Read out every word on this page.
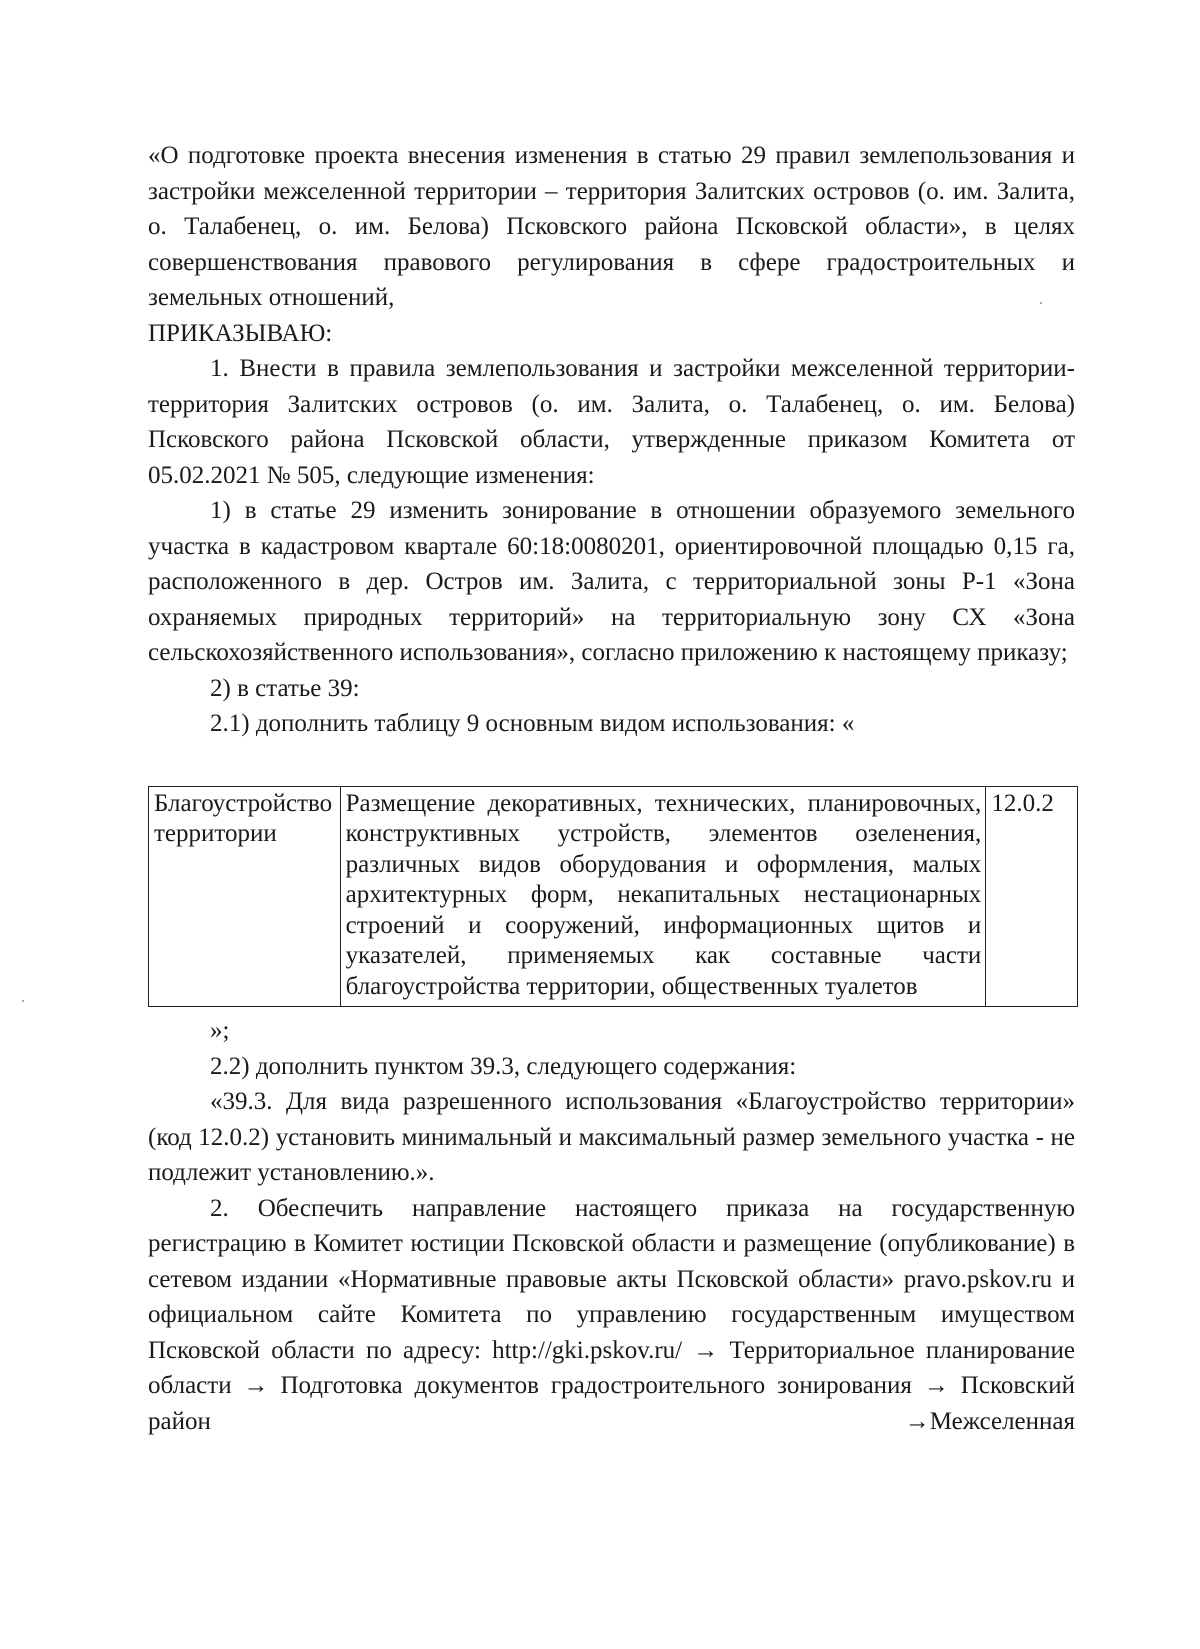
«О подготовке проекта внесения изменения в статью 29 правил землепользования и застройки межселенной территории – территория Залитских островов (о. им. Залита, о. Талабенец, о. им. Белова) Псковского района Псковской области», в целях совершенствования правового регулирования в сфере градостроительных и земельных отношений,

ПРИКАЗЫВАЮ:

1. Внести в правила землепользования и застройки межселенной территории-территория Залитских островов (о. им. Залита, о. Талабенец, о. им. Белова) Псковского района Псковской области, утвержденные приказом Комитета от 05.02.2021 № 505, следующие изменения:

1) в статье 29 изменить зонирование в отношении образуемого земельного участка в кадастровом квартале 60:18:0080201, ориентировочной площадью 0,15 га, расположенного в дер. Остров им. Залита, с территориальной зоны Р-1 «Зона охраняемых природных территорий» на территориальную зону СХ «Зона сельскохозяйственного использования», согласно приложению к настоящему приказу;

2) в статье 39:

2.1) дополнить таблицу 9 основным видом использования: «

Благоустройство территории	Размещение декоративных, технических, планировочных, конструктивных устройств, элементов озеленения, различных видов оборудования и оформления, малых архитектурных форм, некапитальных нестационарных строений и сооружений, информационных щитов и указателей, применяемых как составные части благоустройства территории, общественных туалетов	12.0.2

»;

2.2) дополнить пунктом 39.3, следующего содержания:

«39.3. Для вида разрешенного использования «Благоустройство территории» (код 12.0.2) установить минимальный и максимальный размер земельного участка - не подлежит установлению.».

2. Обеспечить направление настоящего приказа на государственную регистрацию в Комитет юстиции Псковской области и размещение (опубликование) в сетевом издании «Нормативные правовые акты Псковской области» pravo.pskov.ru и официальном сайте Комитета по управлению государственным имуществом Псковской области по адресу: http://gki.pskov.ru/ → Территориальное планирование области → Подготовка документов градостроительного зонирования → Псковский район →Межселенная
